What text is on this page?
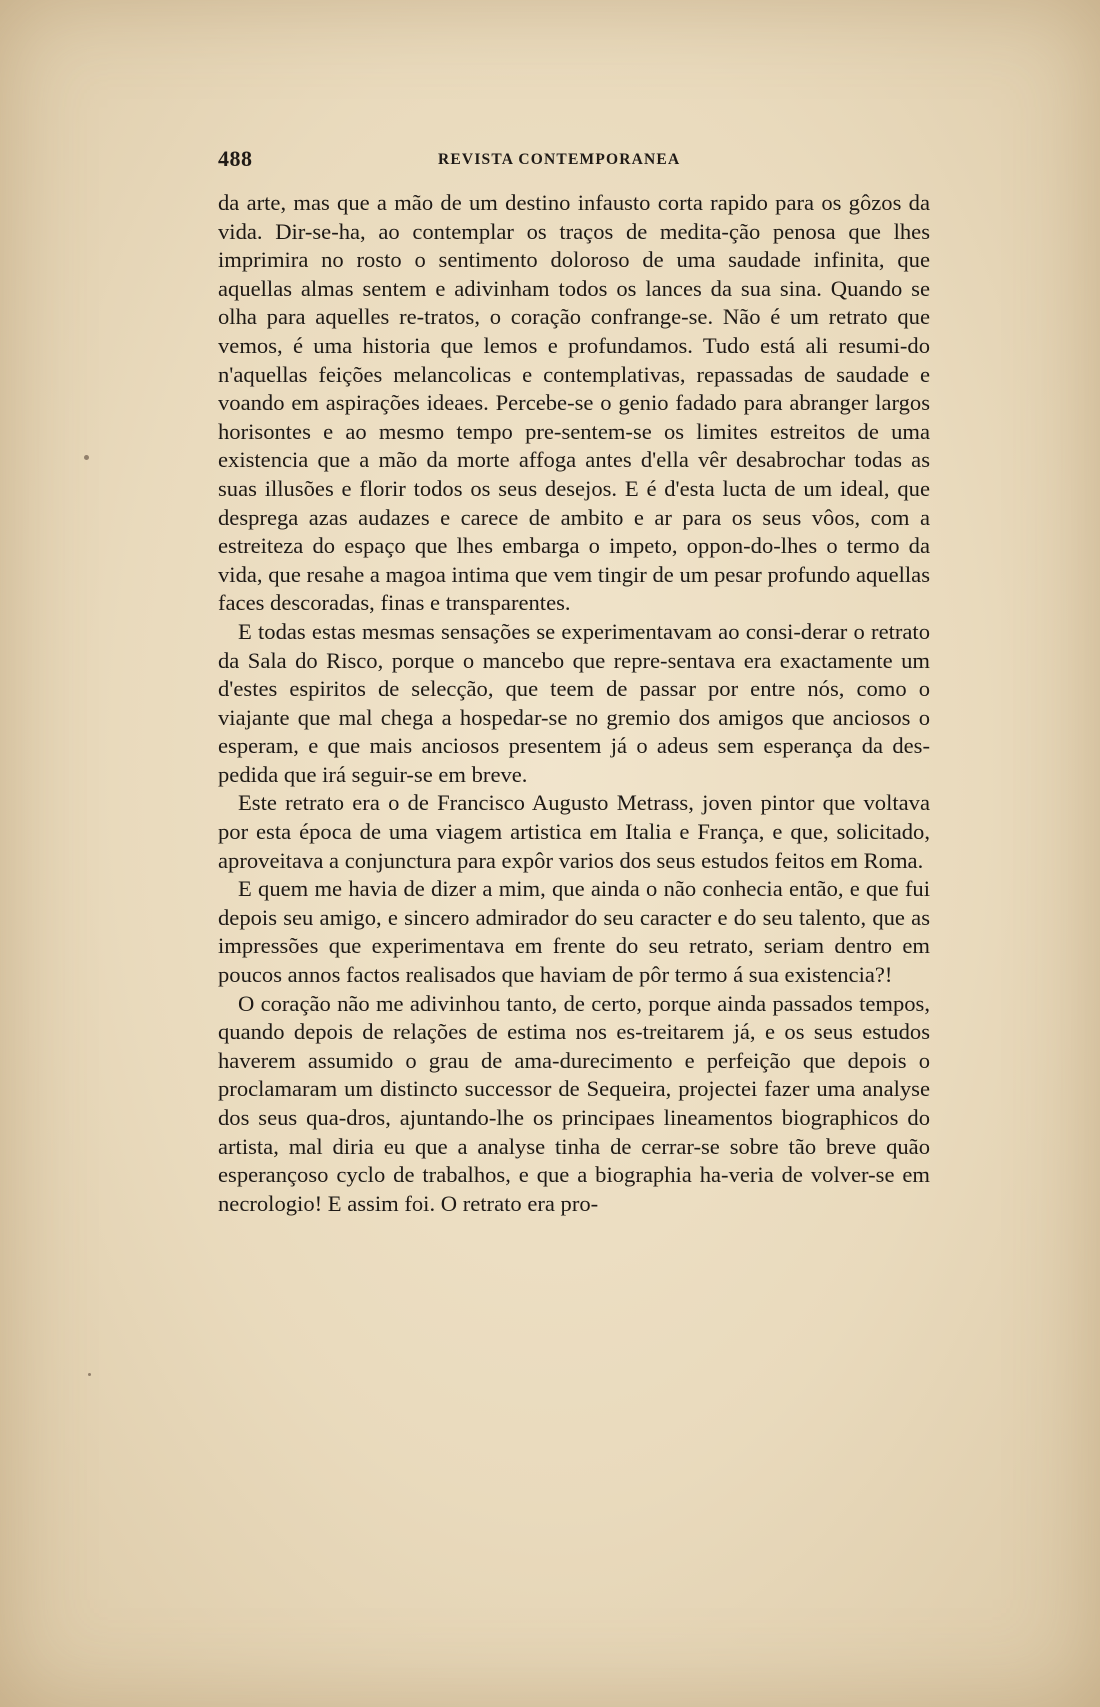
488	REVISTA CONTEMPORANEA

da arte, mas que a mão de um destino infausto corta rapido para os gôzos da vida. Dir-se-ha, ao contemplar os traços de medita-ção penosa que lhes imprimira no rosto o sentimento doloroso de uma saudade infinita, que aquellas almas sentem e adivinham todos os lances da sua sina. Quando se olha para aquelles re-tratos, o coração confrange-se. Não é um retrato que vemos, é uma historia que lemos e profundamos. Tudo está ali resumi-do n'aquellas feições melancolicas e contemplativas, repassadas de saudade e voando em aspirações ideaes. Percebe-se o genio fadado para abranger largos horisontes e ao mesmo tempo pre-sentem-se os limites estreitos de uma existencia que a mão da morte affoga antes d'ella vêr desabrochar todas as suas illusões e florir todos os seus desejos. E é d'esta lucta de um ideal, que desprega azas audazes e carece de ambito e ar para os seus vôos, com a estreiteza do espaço que lhes embarga o impeto, oppon-do-lhes o termo da vida, que resahe a magoa intima que vem tingir de um pesar profundo aquellas faces descoradas, finas e transparentes.

E todas estas mesmas sensações se experimentavam ao consi-derar o retrato da Sala do Risco, porque o mancebo que repre-sentava era exactamente um d'estes espiritos de selecção, que teem de passar por entre nós, como o viajante que mal chega a hospedar-se no gremio dos amigos que anciosos o esperam, e que mais anciosos presentem já o adeus sem esperança da des-pedida que irá seguir-se em breve.

Este retrato era o de Francisco Augusto Metrass, joven pintor que voltava por esta época de uma viagem artistica em Italia e França, e que, solicitado, aproveitava a conjunctura para expôr varios dos seus estudos feitos em Roma.

E quem me havia de dizer a mim, que ainda o não conhecia então, e que fui depois seu amigo, e sincero admirador do seu caracter e do seu talento, que as impressões que experimentava em frente do seu retrato, seriam dentro em poucos annos factos realisados que haviam de pôr termo á sua existencia?!

O coração não me adivinhou tanto, de certo, porque ainda passados tempos, quando depois de relações de estima nos es-treitarem já, e os seus estudos haverem assumido o grau de ama-durecimento e perfeição que depois o proclamaram um distincto successor de Sequeira, projectei fazer uma analyse dos seus qua-dros, ajuntando-lhe os principaes lineamentos biographicos do artista, mal diria eu que a analyse tinha de cerrar-se sobre tão breve quão esperançoso cyclo de trabalhos, e que a biographia ha-veria de volver-se em necrologio! E assim foi. O retrato era pro-
